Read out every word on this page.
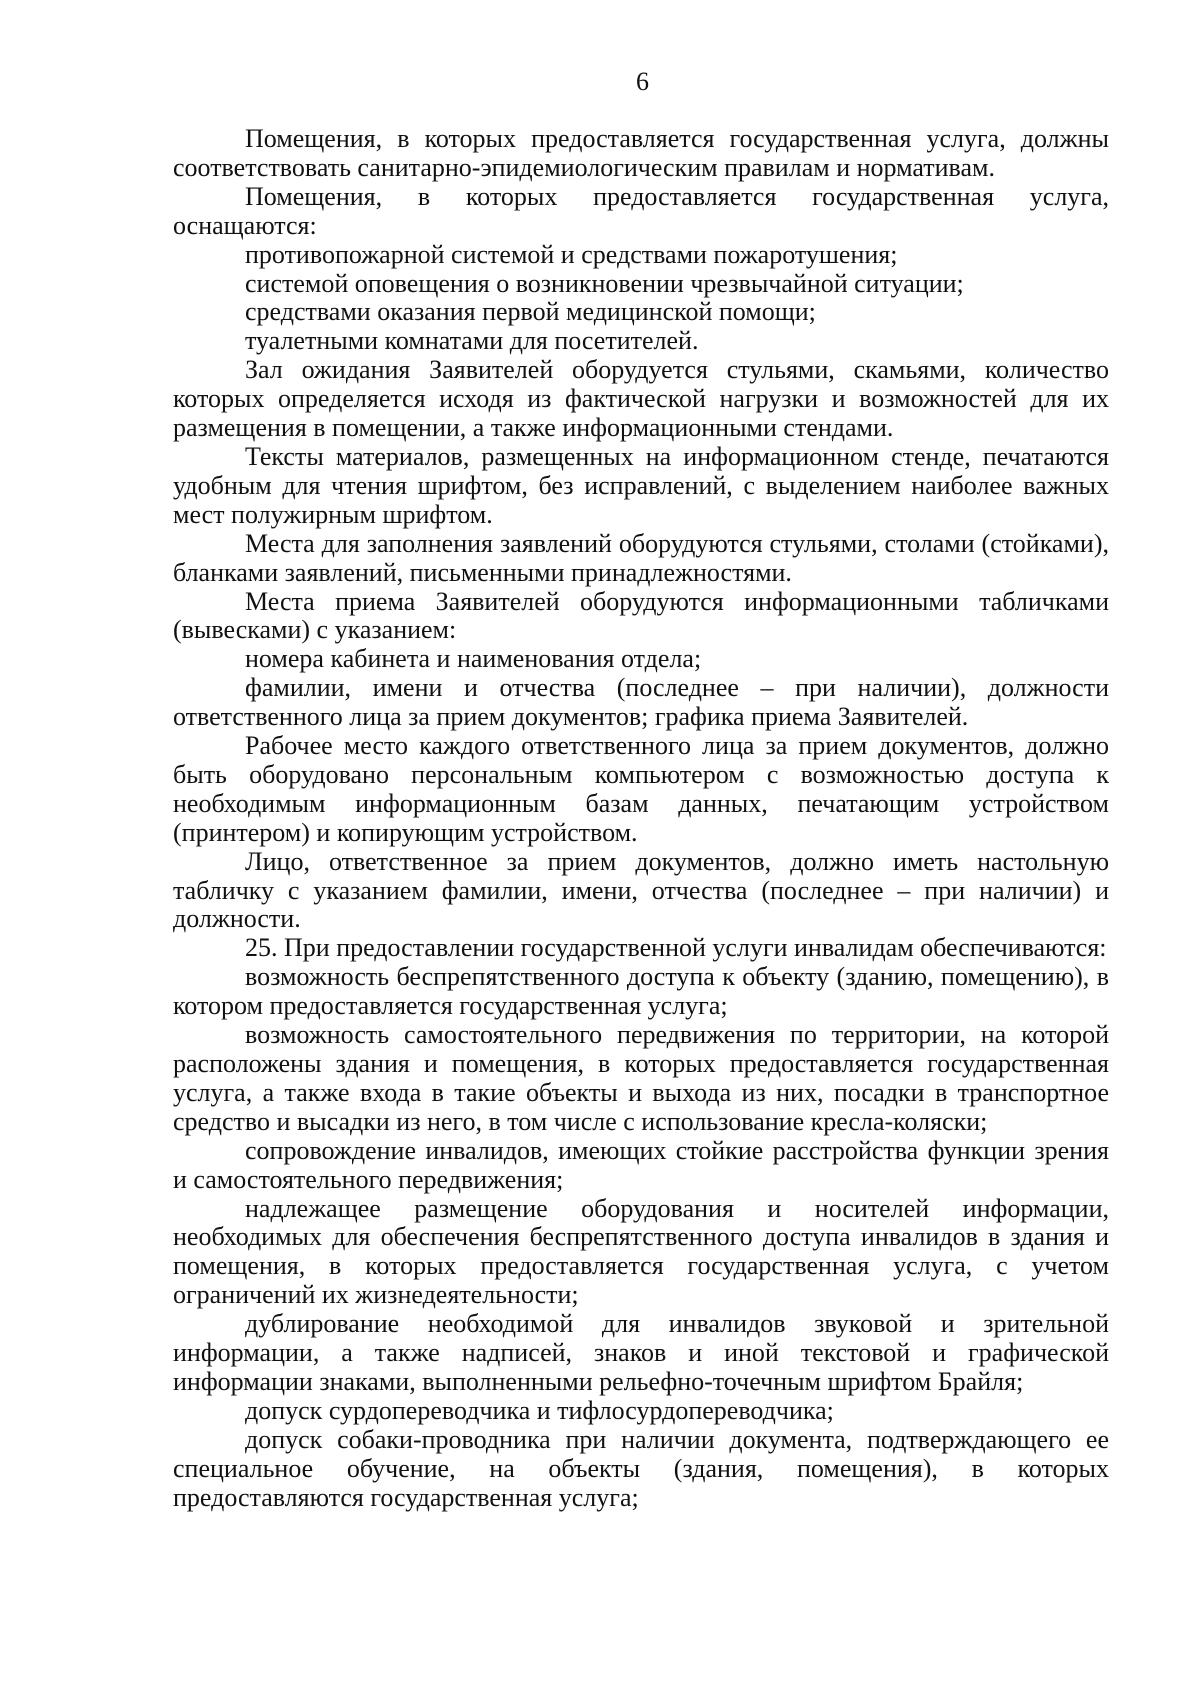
6

Помещения, в которых предоставляется государственная услуга, должны соответствовать санитарно-эпидемиологическим правилам и нормативам.

Помещения, в которых предоставляется государственная услуга, оснащаются:

противопожарной системой и средствами пожаротушения;

системой оповещения о возникновении чрезвычайной ситуации;

средствами оказания первой медицинской помощи;

туалетными комнатами для посетителей.

Зал ожидания Заявителей оборудуется стульями, скамьями, количество которых определяется исходя из фактической нагрузки и возможностей для их размещения в помещении, а также информационными стендами.

Тексты материалов, размещенных на информационном стенде, печатаются удобным для чтения шрифтом, без исправлений, с выделением наиболее важных мест полужирным шрифтом.

Места для заполнения заявлений оборудуются стульями, столами (стойками), бланками заявлений, письменными принадлежностями.

Места приема Заявителей оборудуются информационными табличками (вывесками) с указанием:

номера кабинета и наименования отдела;

фамилии, имени и отчества (последнее – при наличии), должности ответственного лица за прием документов; графика приема Заявителей.

Рабочее место каждого ответственного лица за прием документов, должно быть оборудовано персональным компьютером с возможностью доступа к необходимым информационным базам данных, печатающим устройством (принтером) и копирующим устройством.

Лицо, ответственное за прием документов, должно иметь настольную табличку с указанием фамилии, имени, отчества (последнее – при наличии) и должности.

25. При предоставлении государственной услуги инвалидам обеспечиваются:

возможность беспрепятственного доступа к объекту (зданию, помещению), в котором предоставляется государственная услуга;

возможность самостоятельного передвижения по территории, на которой расположены здания и помещения, в которых предоставляется государственная услуга, а также входа в такие объекты и выхода из них, посадки в транспортное средство и высадки из него, в том числе с использование кресла-коляски;

сопровождение инвалидов, имеющих стойкие расстройства функции зрения и самостоятельного передвижения;

надлежащее размещение оборудования и носителей информации, необходимых для обеспечения беспрепятственного доступа инвалидов в здания и помещения, в которых предоставляется государственная услуга, с учетом ограничений их жизнедеятельности;

дублирование необходимой для инвалидов звуковой и зрительной информации, а также надписей, знаков и иной текстовой и графической информации знаками, выполненными рельефно-точечным шрифтом Брайля;

допуск сурдопереводчика и тифлосурдопереводчика;

допуск собаки-проводника при наличии документа, подтверждающего ее специальное обучение, на объекты (здания, помещения), в которых предоставляются государственная услуга;
